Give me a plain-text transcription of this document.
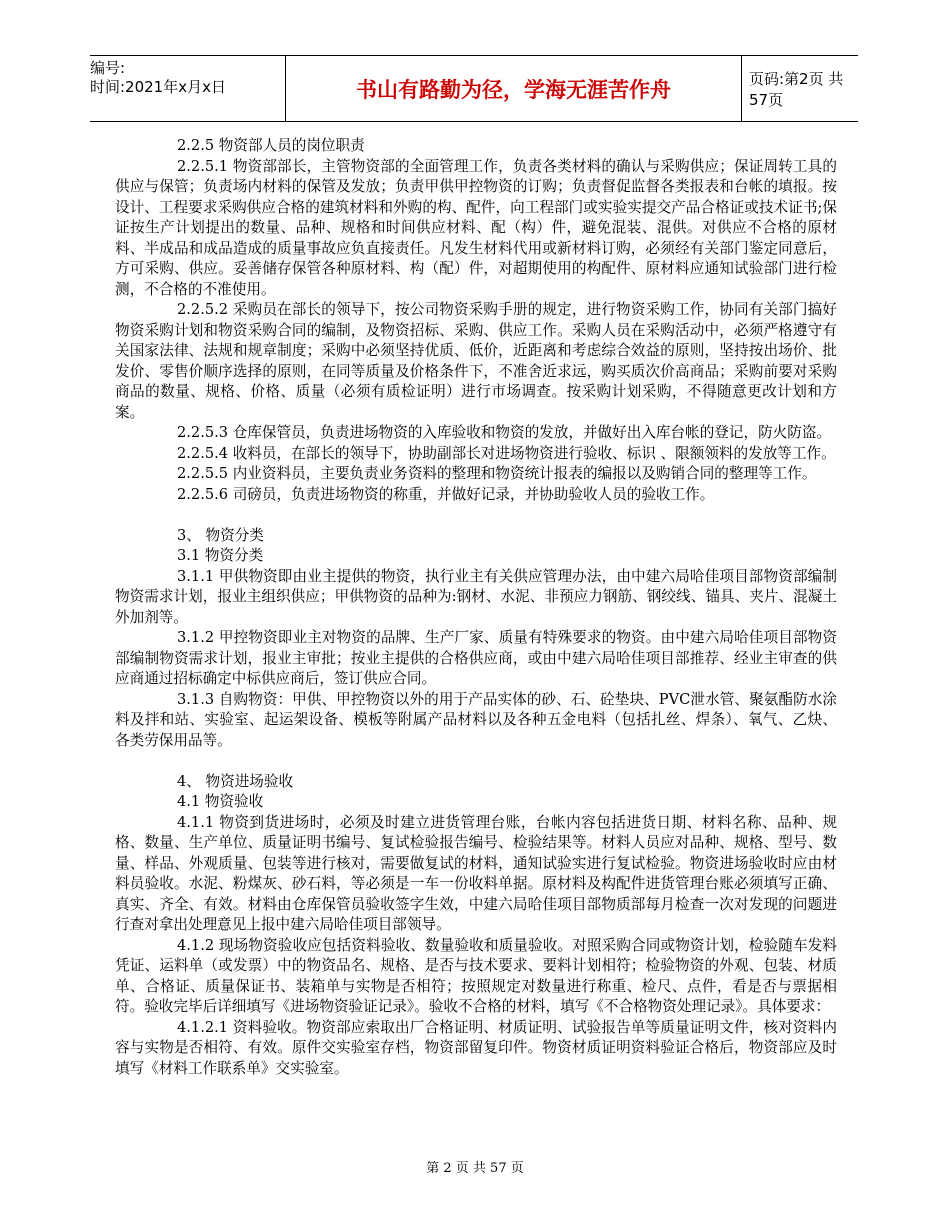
编号:
时间:2021年x月x日	书山有路勤为径，学海无涯苦作舟	页码:第2页 共57页

2.2.5 物资部人员的岗位职责

2.2.5.1 物资部部长，主管物资部的全面管理工作，负责各类材料的确认与采购供应；保证周转工具的供应与保管；负责场内材料的保管及发放；负责甲供甲控物资的订购；负责督促监督各类报表和台帐的填报。按设计、工程要求采购供应合格的建筑材料和外购的构、配件，向工程部门或实验实提交产品合格证或技术证书;保证按生产计划提出的数量、品种、规格和时间供应材料、配（构）件，避免混装、混供。对供应不合格的原材料、半成品和成品造成的质量事故应负直接责任。凡发生材料代用或新材料订购，必须经有关部门鉴定同意后，方可采购、供应。妥善储存保管各种原材料、构（配）件，对超期使用的构配件、原材料应通知试验部门进行检测，不合格的不准使用。

2.2.5.2 采购员在部长的领导下，按公司物资采购手册的规定，进行物资采购工作，协同有关部门搞好物资采购计划和物资采购合同的编制，及物资招标、采购、供应工作。采购人员在采购活动中，必须严格遵守有关国家法律、法规和规章制度；采购中必须坚持优质、低价，近距离和考虑综合效益的原则，坚持按出场价、批发价、零售价顺序选择的原则，在同等质量及价格条件下，不准舍近求远，购买质次价高商品；采购前要对采购商品的数量、规格、价格、质量（必须有质检证明）进行市场调查。按采购计划采购，不得随意更改计划和方案。

2.2.5.3 仓库保管员，负责进场物资的入库验收和物资的发放，并做好出入库台帐的登记，防火防盗。

2.2.5.4 收料员，在部长的领导下，协助副部长对进场物资进行验收、标识 、限额领料的发放等工作。

2.2.5.5 内业资料员，主要负责业务资料的整理和物资统计报表的编报以及购销合同的整理等工作。

2.2.5.6 司磅员，负责进场物资的称重，并做好记录，并协助验收人员的验收工作。

3、 物资分类

3.1 物资分类

3.1.1 甲供物资即由业主提供的物资，执行业主有关供应管理办法，由中建六局哈佳项目部物资部编制物资需求计划，报业主组织供应；甲供物资的品种为:钢材、水泥、非预应力钢筋、钢绞线、锚具、夹片、混凝土外加剂等。

3.1.2 甲控物资即业主对物资的品牌、生产厂家、质量有特殊要求的物资。由中建六局哈佳项目部物资部编制物资需求计划，报业主审批；按业主提供的合格供应商，或由中建六局哈佳项目部推荐、经业主审查的供应商通过招标确定中标供应商后，签订供应合同。

3.1.3 自购物资：甲供、甲控物资以外的用于产品实体的砂、石、砼垫块、PVC泄水管、聚氨酯防水涂料及拌和站、实验室、起运架设备、模板等附属产品材料以及各种五金电料（包括扎丝、焊条）、氧气、乙炔、各类劳保用品等。

4、 物资进场验收

4.1 物资验收

4.1.1 物资到货进场时，必须及时建立进货管理台账，台帐内容包括进货日期、材料名称、品种、规格、数量、生产单位、质量证明书编号、复试检验报告编号、检验结果等。材料人员应对品种、规格、型号、数量、样品、外观质量、包装等进行核对，需要做复试的材料，通知试验实进行复试检验。物资进场验收时应由材料员验收。水泥、粉煤灰、砂石料，等必须是一车一份收料单据。原材料及构配件进货管理台账必须填写正确、真实、齐全、有效。材料由仓库保管员验收签字生效，中建六局哈佳项目部物质部每月检查一次对发现的问题进行查对拿出处理意见上报中建六局哈佳项目部领导。

4.1.2 现场物资验收应包括资料验收、数量验收和质量验收。对照采购合同或物资计划，检验随车发料凭证、运料单（或发票）中的物资品名、规格、是否与技术要求、要料计划相符；检验物资的外观、包装、材质单、合格证、质量保证书、装箱单与实物是否相符；按照规定对数量进行称重、检尺、点件，看是否与票据相符。验收完毕后详细填写《进场物资验证记录》。验收不合格的材料，填写《不合格物资处理记录》。具体要求：

4.1.2.1 资料验收。物资部应索取出厂合格证明、材质证明、试验报告单等质量证明文件，核对资料内容与实物是否相符、有效。原件交实验室存档，物资部留复印件。物资材质证明资料验证合格后，物资部应及时填写《材料工作联系单》交实验室。

第 2 页 共 57 页
